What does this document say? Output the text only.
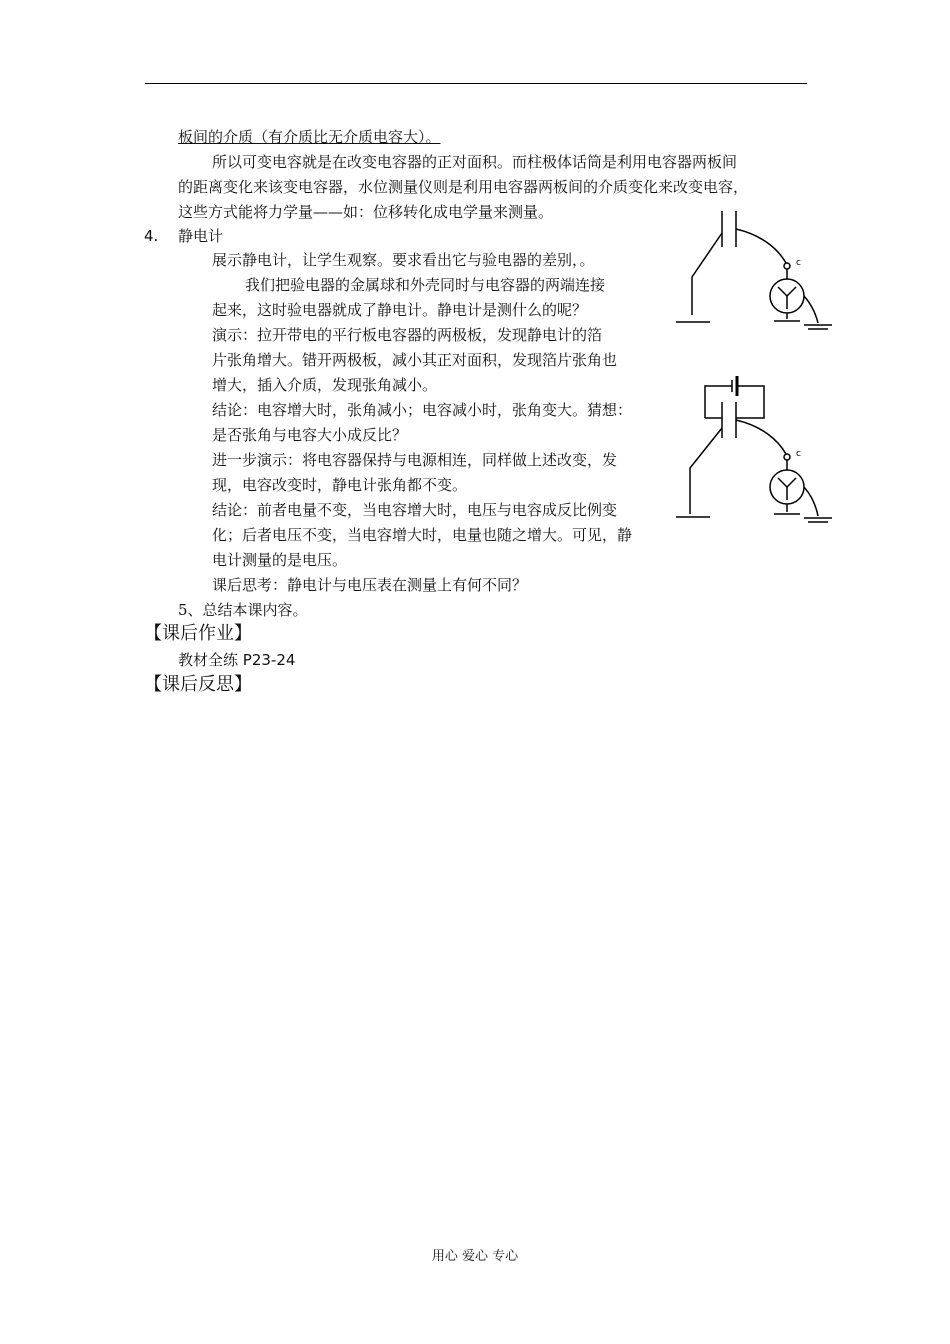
板间的介质（有介质比无介质电容大）。
所以可变电容就是在改变电容器的正对面积。而柱极体话筒是利用电容器两板间
的距离变化来该变电容器，水位测量仪则是利用电容器两板间的介质变化来改变电容，
这些方式能将力学量——如：位移转化成电学量来测量。
4. 静电计
展示静电计，让学生观察。要求看出它与验电器的差别，。
我们把验电器的金属球和外壳同时与电容器的两端连接
起来，这时验电器就成了静电计。静电计是测什么的呢？
演示：拉开带电的平行板电容器的两极板，发现静电计的箔
片张角增大。错开两极板，减小其正对面积，发现箔片张角也
增大，插入介质，发现张角减小。
结论：电容增大时，张角减小；电容减小时，张角变大。猜想：
是否张角与电容大小成反比？
进一步演示：将电容器保持与电源相连，同样做上述改变，发
现，电容改变时，静电计张角都不变。
结论：前者电量不变，当电容增大时，电压与电容成反比例变
化；后者电压不变，当电容增大时，电量也随之增大。可见，静
电计测量的是电压。
课后思考：静电计与电压表在测量上有何不同？
5、总结本课内容。
【课后作业】
教材全练 P23-24
【课后反思】
c
c
用心 爱心 专心
